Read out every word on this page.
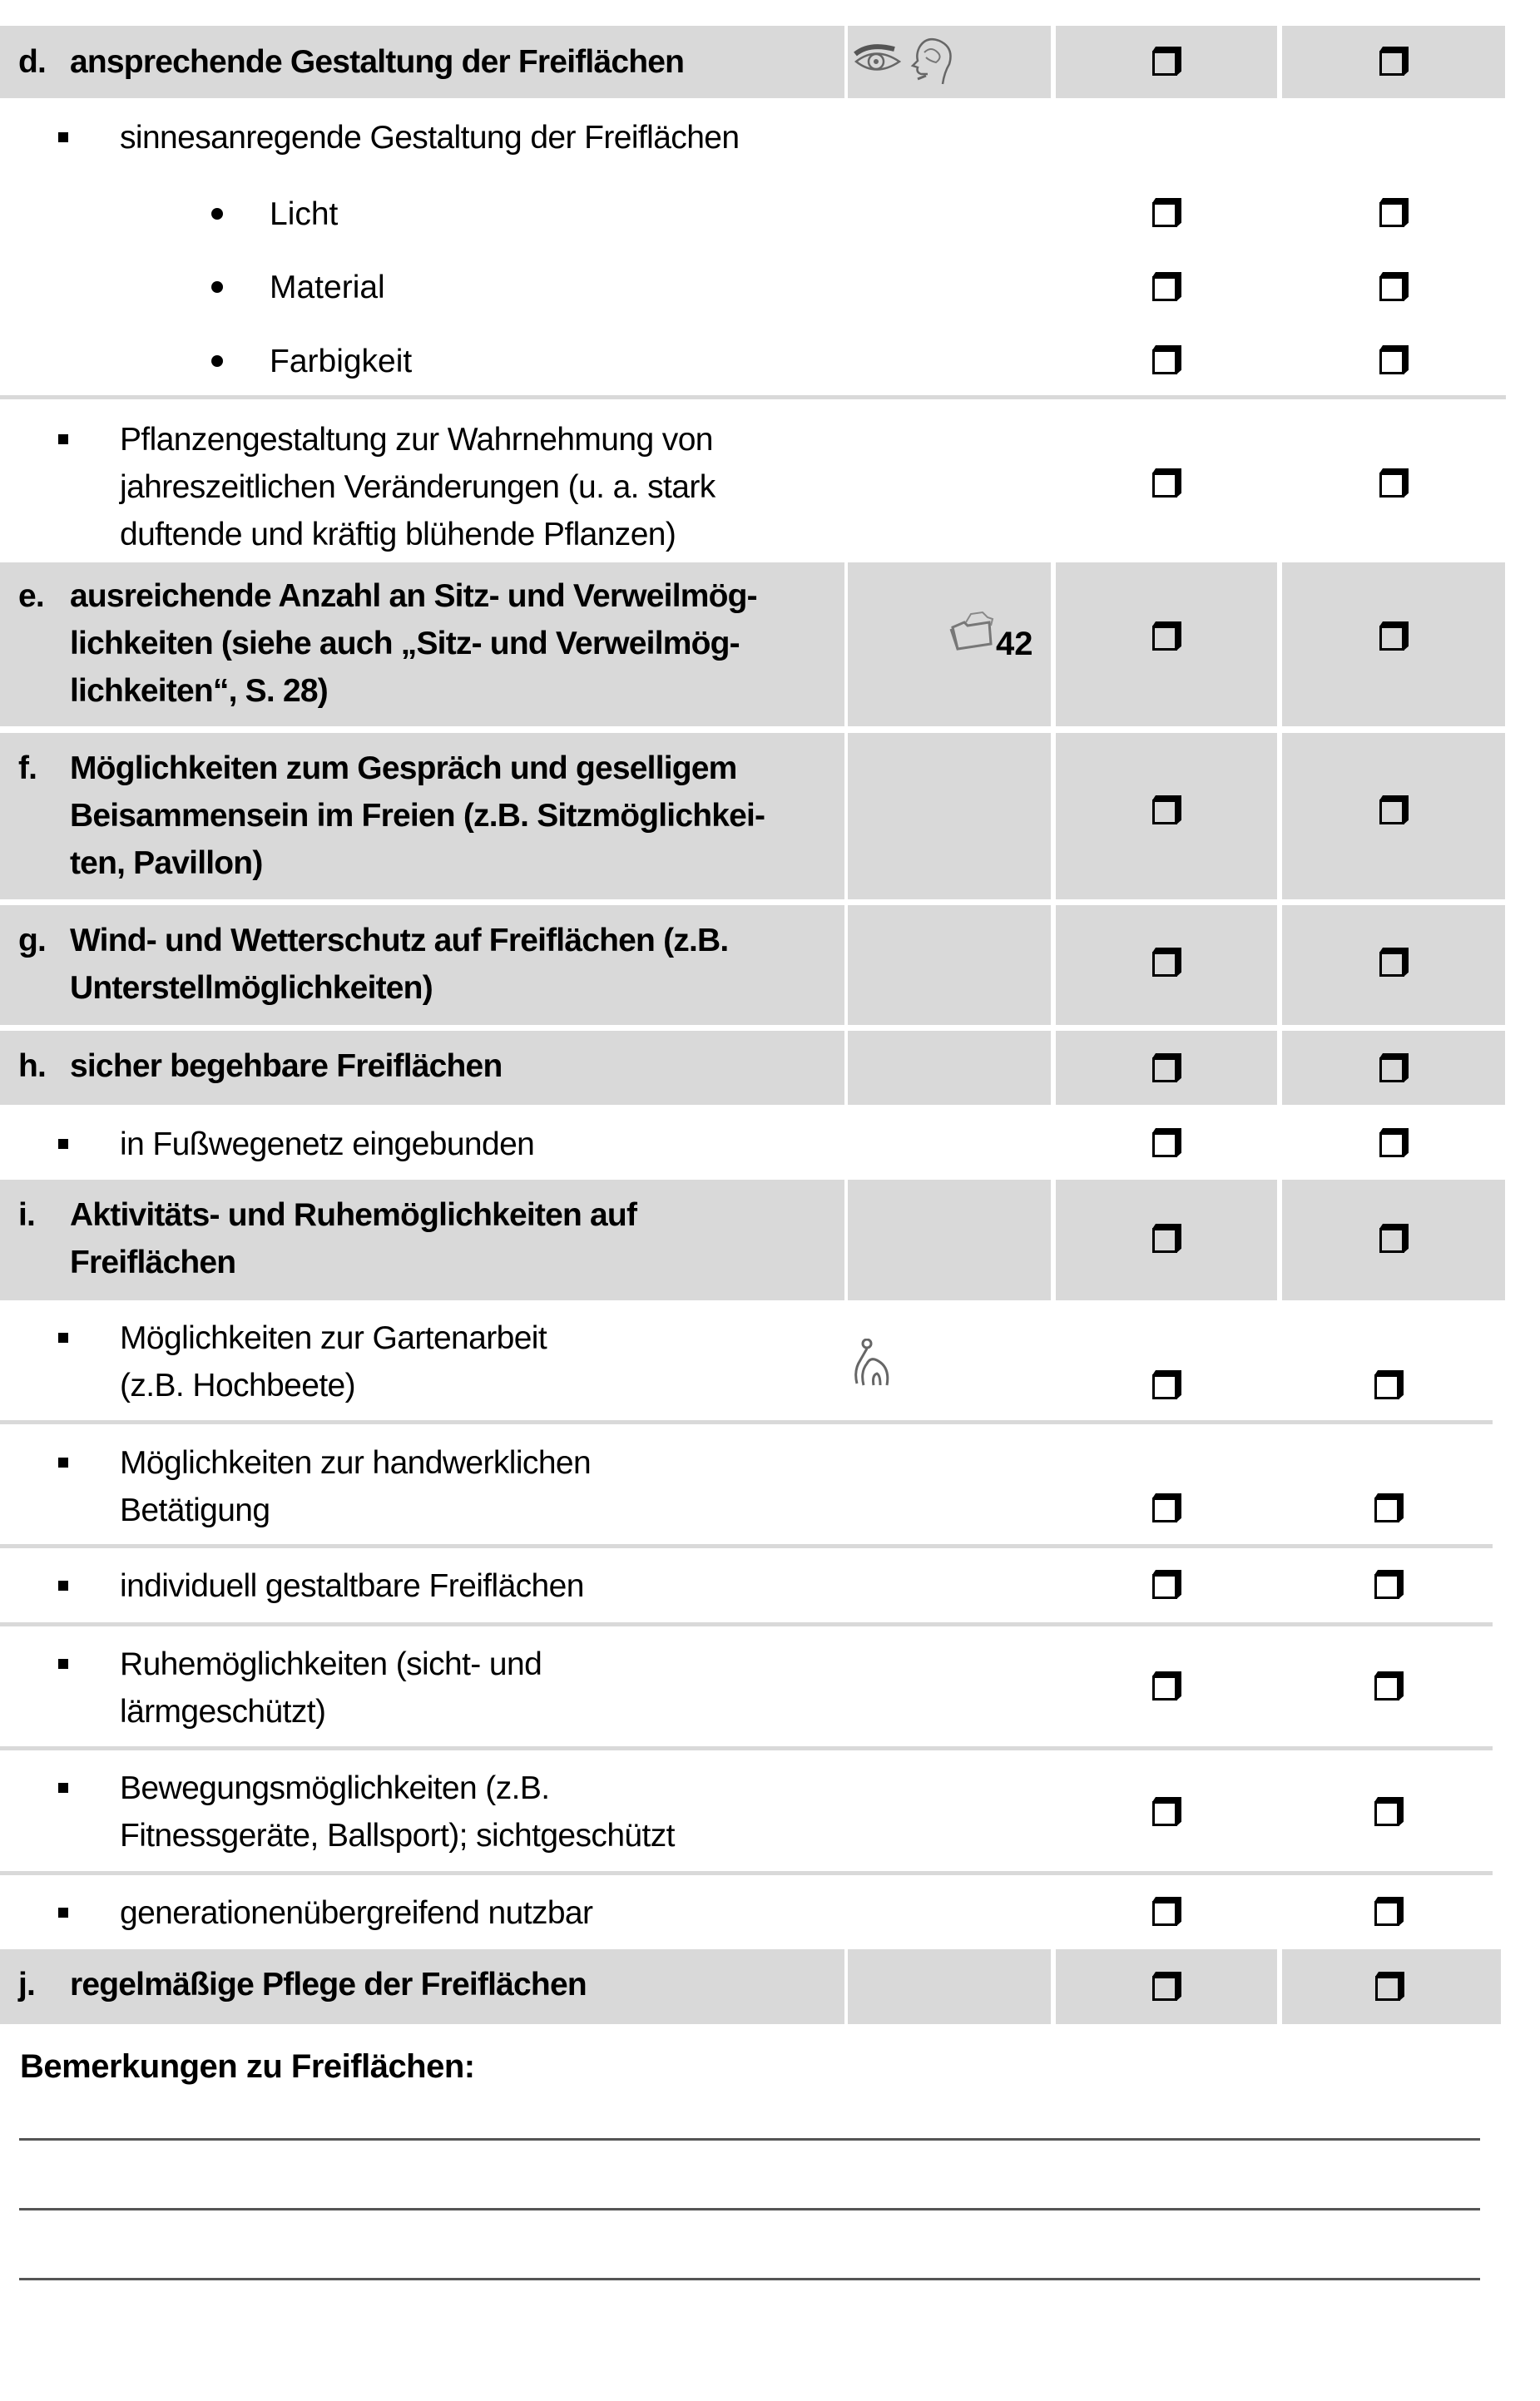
d. ansprechende Gestaltung der Freiflächen
sinnesanregende Gestaltung der Freiflächen
Licht
Material
Farbigkeit
Pflanzengestaltung zur Wahrnehmung von
jahreszeitlichen Veränderungen (u. a. stark
duftende und kräftig blühende Pflanzen)
e. ausreichende Anzahl an Sitz- und Verweilmög-
lichkeiten (siehe auch „Sitz- und Verweilmög-
lichkeiten“, S. 28)
42
f. Möglichkeiten zum Gespräch und geselligem
Beisammensein im Freien (z.B. Sitzmöglichkei-
ten, Pavillon)
g. Wind- und Wetterschutz auf Freiflächen (z.B.
Unterstellmöglichkeiten)
h. sicher begehbare Freiflächen
in Fußwegenetz eingebunden
i. Aktivitäts- und Ruhemöglichkeiten auf
Freiflächen
Möglichkeiten zur Gartenarbeit
(z.B. Hochbeete)
Möglichkeiten zur handwerklichen
Betätigung
individuell gestaltbare Freiflächen
Ruhemöglichkeiten (sicht- und
lärmgeschützt)
Bewegungsmöglichkeiten (z.B.
Fitnessgeräte, Ballsport); sichtgeschützt
generationenübergreifend nutzbar
j. regelmäßige Pflege der Freiflächen
Bemerkungen zu Freiflächen:
